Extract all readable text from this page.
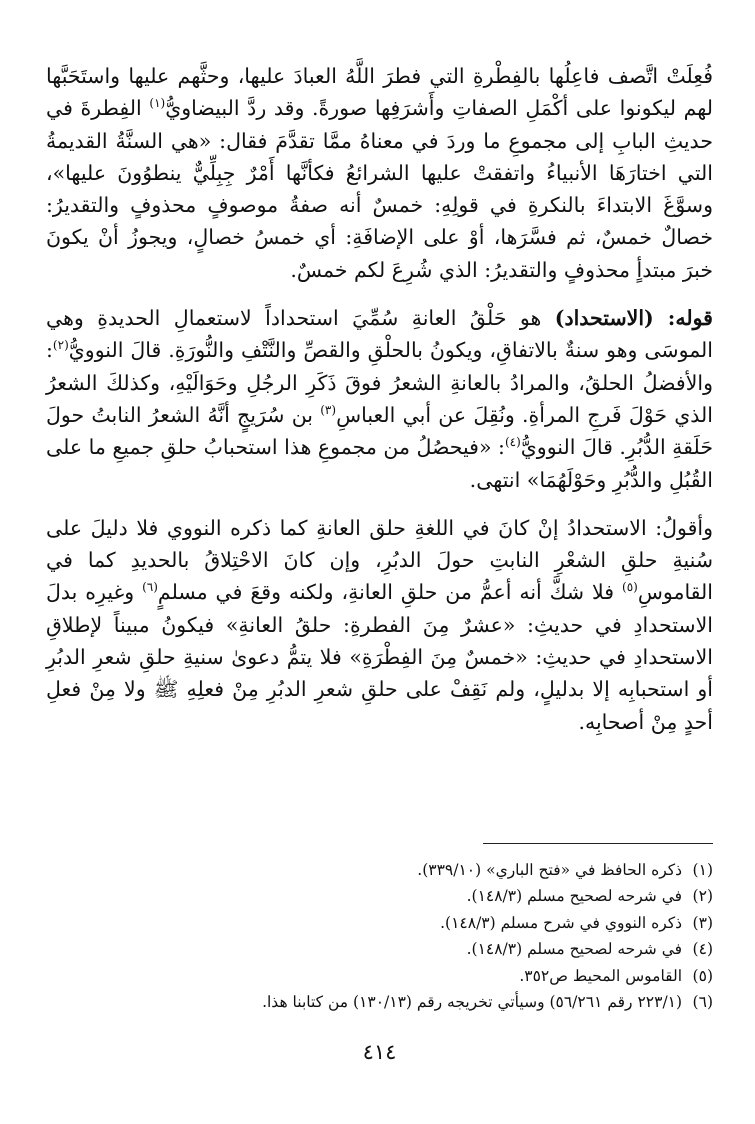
فُعِلَتْ اتَّصف فاعِلُها بالفِطْرةِ التي فطرَ اللَّهُ العبادَ عليها، وحثَّهم عليها واستَحَبَّها لهم ليكونوا على أكْمَلِ الصفاتِ وأَشرَفِها صورةً. وقد ردَّ البيضاويُّ$^{(١)}$ الفِطرةَ في حديثِ البابِ إلى مجموعِ ما وردَ في معناهُ ممَّا تقدَّمَ فقال: «هي السنَّةُ القديمةُ التي اختارَهَا الأنبياءُ واتفقتْ عليها الشرائعُ فكأنَّها أَمْرٌ جِبِلِّيٌّ ينطوُونَ عليها»، وسوَّغَ الابتداءَ بالنكرةِ في قولِهِ: خمسٌ أنه صفةُ موصوفٍ محذوفٍ والتقديرُ: خصالٌ خمسٌ، ثم فسَّرَها، أوْ على الإضافَةِ: أي خمسُ خصالٍ، ويجوزُ أنْ يكونَ خبرَ مبتدأٍ محذوفٍ والتقديرُ: الذي شُرِعَ لكم خمسٌ.

قوله: (الاستحداد) هو حَلْقُ العانةِ سُمِّيَ استحداداً لاستعمالِ الحديدةِ وهي الموسَى وهو سنةٌ بالاتفاقِ، ويكونُ بالحلْقِ والقصِّ والنَّتْفِ والنُّورَةِ. قالَ النوويُّ$^{(٢)}$: والأفضلُ الحلقُ، والمرادُ بالعانةِ الشعرُ فوقَ ذَكَرِ الرجُلِ وحَوَالَيْهِ، وكذلكَ الشعرُ الذي حَوْلَ فَرجِ المرأةِ. ونُقِلَ عن أبي العباسِ$^{(٣)}$ بن سُرَيجٍ أنَّهُ الشعرُ النابتُ حولَ حَلَقةِ الدُّبُرِ. قالَ النوويُّ$^{(٤)}$: «فيحصُلُ من مجموعِ هذا استحبابُ حلقِ جميعِ ما على القُبُلِ والدُّبُرِ وحَوْلَهُمَا» انتهى.

وأقولُ: الاستحدادُ إنْ كانَ في اللغةِ حلق العانةِ كما ذكره النووي فلا دليلَ على سُنيةِ حلقِ الشعْرِ النابتِ حولَ الدبُرِ، وإن كانَ الاحْتِلاقُ بالحديدِ كما في القاموسِ$^{(٥)}$ فلا شكَّ أنه أعمُّ من حلقِ العانةِ، ولكنه وقعَ في مسلمٍ$^{(٦)}$ وغيرِه بدلَ الاستحدادِ في حديثِ: «عشرٌ مِنَ الفطرةِ: حلقُ العانةِ» فيكونُ مبيناً لإطلاقِ الاستحدادِ في حديثِ: «خمسٌ مِنَ الفِطْرَةِ» فلا يتمُّ دعوىٰ سنيةِ حلقِ شعرِ الدبُرِ أو استحبابِه إلا بدليلٍ، ولم نَقِفْ على حلقِ شعرِ الدبُرِ مِنْ فعلِهِ ﷺ ولا مِنْ فعلِ أحدٍ مِنْ أصحابِه.

(١) ذكره الحافظ في «فتح الباري» (٣٣٩/١٠).
(٢) في شرحه لصحيح مسلم (١٤٨/٣).
(٣) ذكره النووي في شرح مسلم (١٤٨/٣).
(٤) في شرحه لصحيح مسلم (١٤٨/٣).
(٥) القاموس المحيط ص٣٥٢.
(٦) (٢٢٣/١ رقم ٥٦/٢٦١) وسيأتي تخريجه رقم (١٣٠/١٣) من كتابنا هذا.
٤١٤
